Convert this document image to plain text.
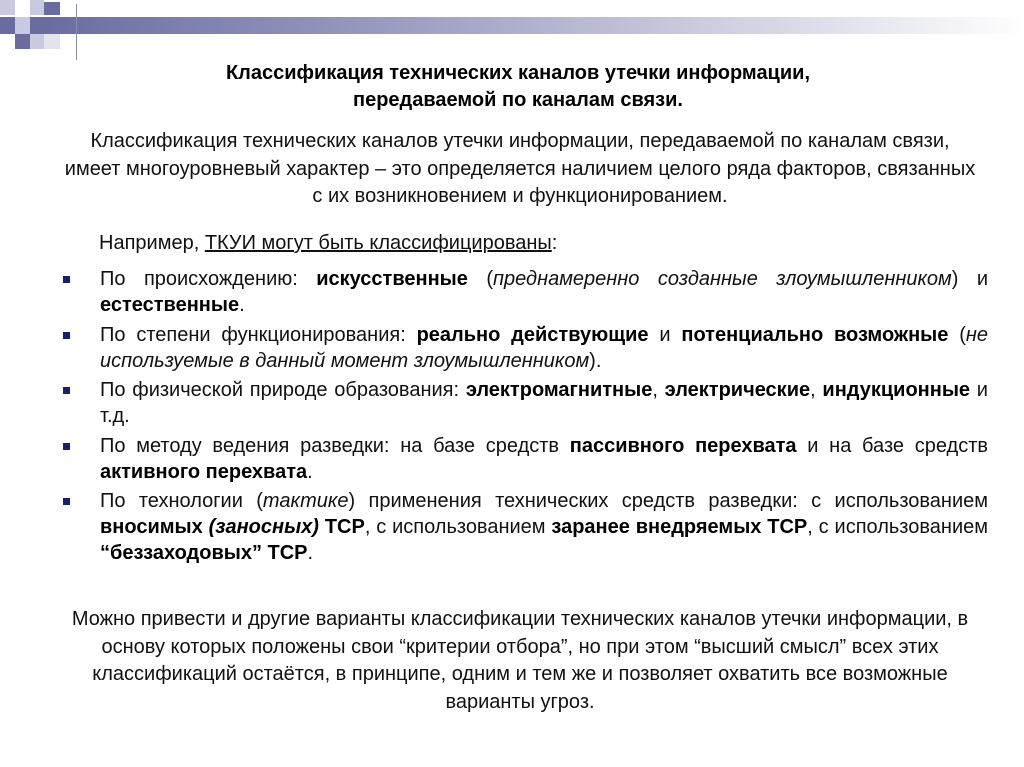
Классификация технических каналов утечки информации,
передаваемой по каналам связи.
Классификация технических каналов утечки информации, передаваемой по каналам связи, имеет многоуровневый характер – это определяется наличием целого ряда факторов, связанных с их возникновением и функционированием.
Например, ТКУИ могут быть классифицированы:
По происхождению: искусственные (преднамеренно созданные злоумышленником) и естественные.
По степени функционирования: реально действующие и потенциально возможные (не используемые в данный момент злоумышленником).
По физической природе образования: электромагнитные, электрические, индукционные и т.д.
По методу ведения разведки: на базе средств пассивного перехвата и на базе средств активного перехвата.
По технологии (тактике) применения технических средств разведки: с использованием вносимых (заносных) ТСР, с использованием заранее внедряемых ТСР, с использованием “беззаходовых” ТСР.
Можно привести и другие варианты классификации технических каналов утечки информации, в основу которых положены свои “критерии отбора”, но при этом “высший смысл” всех этих классификаций остаётся, в принципе, одним и тем же и позволяет охватить все возможные варианты угроз.
